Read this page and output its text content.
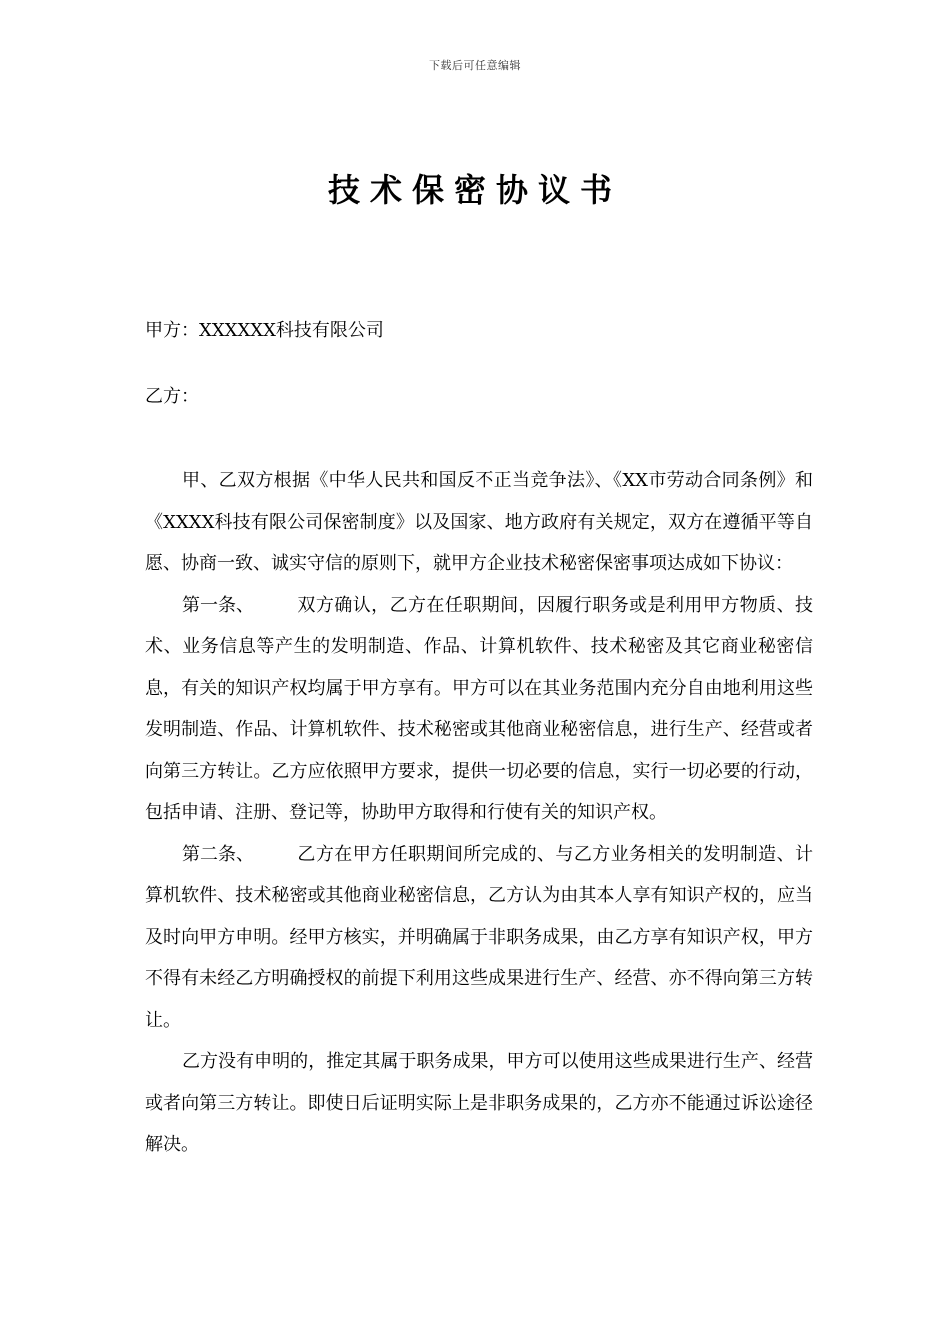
下载后可任意编辑
技术保密协议书
甲方：XXXXXX科技有限公司
乙方：

甲、乙双方根据《中华人民共和国反不正当竞争法》、《XX市劳动合同条例》和《XXXX科技有限公司保密制度》以及国家、地方政府有关规定，双方在遵循平等自愿、协商一致、诚实守信的原则下，就甲方企业技术秘密保密事项达成如下协议：

第一条、 双方确认，乙方在任职期间，因履行职务或是利用甲方物质、技术、业务信息等产生的发明制造、作品、计算机软件、技术秘密及其它商业秘密信息，有关的知识产权均属于甲方享有。甲方可以在其业务范围内充分自由地利用这些发明制造、作品、计算机软件、技术秘密或其他商业秘密信息，进行生产、经营或者向第三方转让。乙方应依照甲方要求，提供一切必要的信息，实行一切必要的行动，包括申请、注册、登记等，协助甲方取得和行使有关的知识产权。

第二条、 乙方在甲方任职期间所完成的、与乙方业务相关的发明制造、计算机软件、技术秘密或其他商业秘密信息，乙方认为由其本人享有知识产权的，应当及时向甲方申明。经甲方核实，并明确属于非职务成果，由乙方享有知识产权，甲方不得有未经乙方明确授权的前提下利用这些成果进行生产、经营、亦不得向第三方转让。

乙方没有申明的，推定其属于职务成果，甲方可以使用这些成果进行生产、经营或者向第三方转让。即使日后证明实际上是非职务成果的，乙方亦不能通过诉讼途径解决。
